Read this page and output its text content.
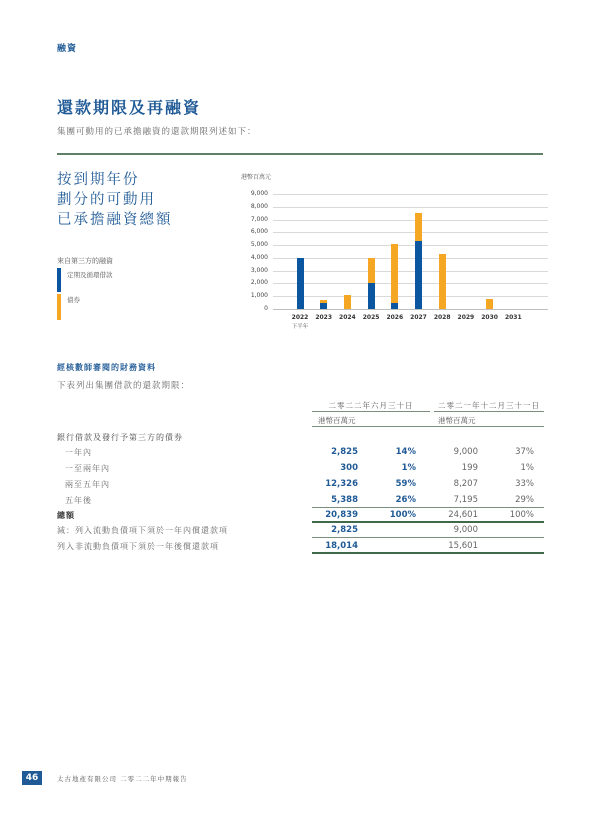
融資
還款期限及再融資
集團可動用的已承擔融資的還款期限列述如下：
按到期年份
劃分的可動用
已承擔融資總額
來自第三方的融資
定期及循環借款
債券
港幣百萬元
0
1,000
2,000
3,000
4,000
5,000
6,000
7,000
8,000
9,000
2022
下半年
2023	2024	2025	2026	2027	2028	2029	2030	2031
經核數師審閱的財務資料
下表列出集團借款的還款期限：
二零二二年六月三十日	二零二一年十二月三十一日
港幣百萬元	港幣百萬元
銀行借款及發行予第三方的債券
一年內	2,825	14%	9,000	37%
一至兩年內	300	1%	199	1%
兩至五年內	12,326	59%	8,207	33%
五年後	5,388	26%	7,195	29%
總額	20,839	100%	24,601	100%
減：列入流動負債項下須於一年內償還款項	2,825	9,000
列入非流動負債項下須於一年後償還款項	18,014	15,601
46	太古地產有限公司 二零二二年中期報告
